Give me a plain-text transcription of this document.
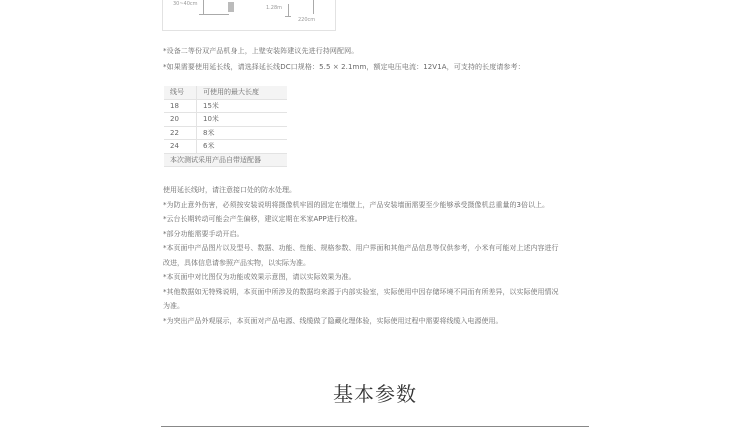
30~40cm
1.28m
220cm
*设备二等份双产品机身上，上壁安装阵建议先进行持网配网。
*如果需要使用延长线，请选择延长线DC口规格：5.5 × 2.1mm，额定电压电流：12V1A，可支持的长度请参考：
线号	可使用的最大长度
18	15米
20	10米
22	8米
24	6米
本次测试采用产品自带适配器	

使用延长线时，请注意接口处的防水处理。

*为防止意外伤害，必须按安装说明将摄像机牢固的固定在墙壁上，产品安装墙面需要至少能够承受摄像机总重量的3倍以上。

*云台长期转动可能会产生偏移，建议定期在米家APP进行校准。

*部分功能需要手动开启。

*本页面中产品图片以及型号、数据、功能、性能、规格参数、用户界面和其他产品信息等仅供参考，小米有可能对上述内容进行

改进，具体信息请参照产品实物，以实际为准。

*本页面中对比图仅为功能或效果示意图，请以实际效果为准。

*其他数据如无特殊说明，本页面中所涉及的数据均来源于内部实验室，实际使用中因存储环境不同而有所差异，以实际使用情况

为准。

*为突出产品外观展示，本页面对产品电源、线缆做了隐藏化理体验，实际使用过程中需要将线缆入电源使用。

基本参数
